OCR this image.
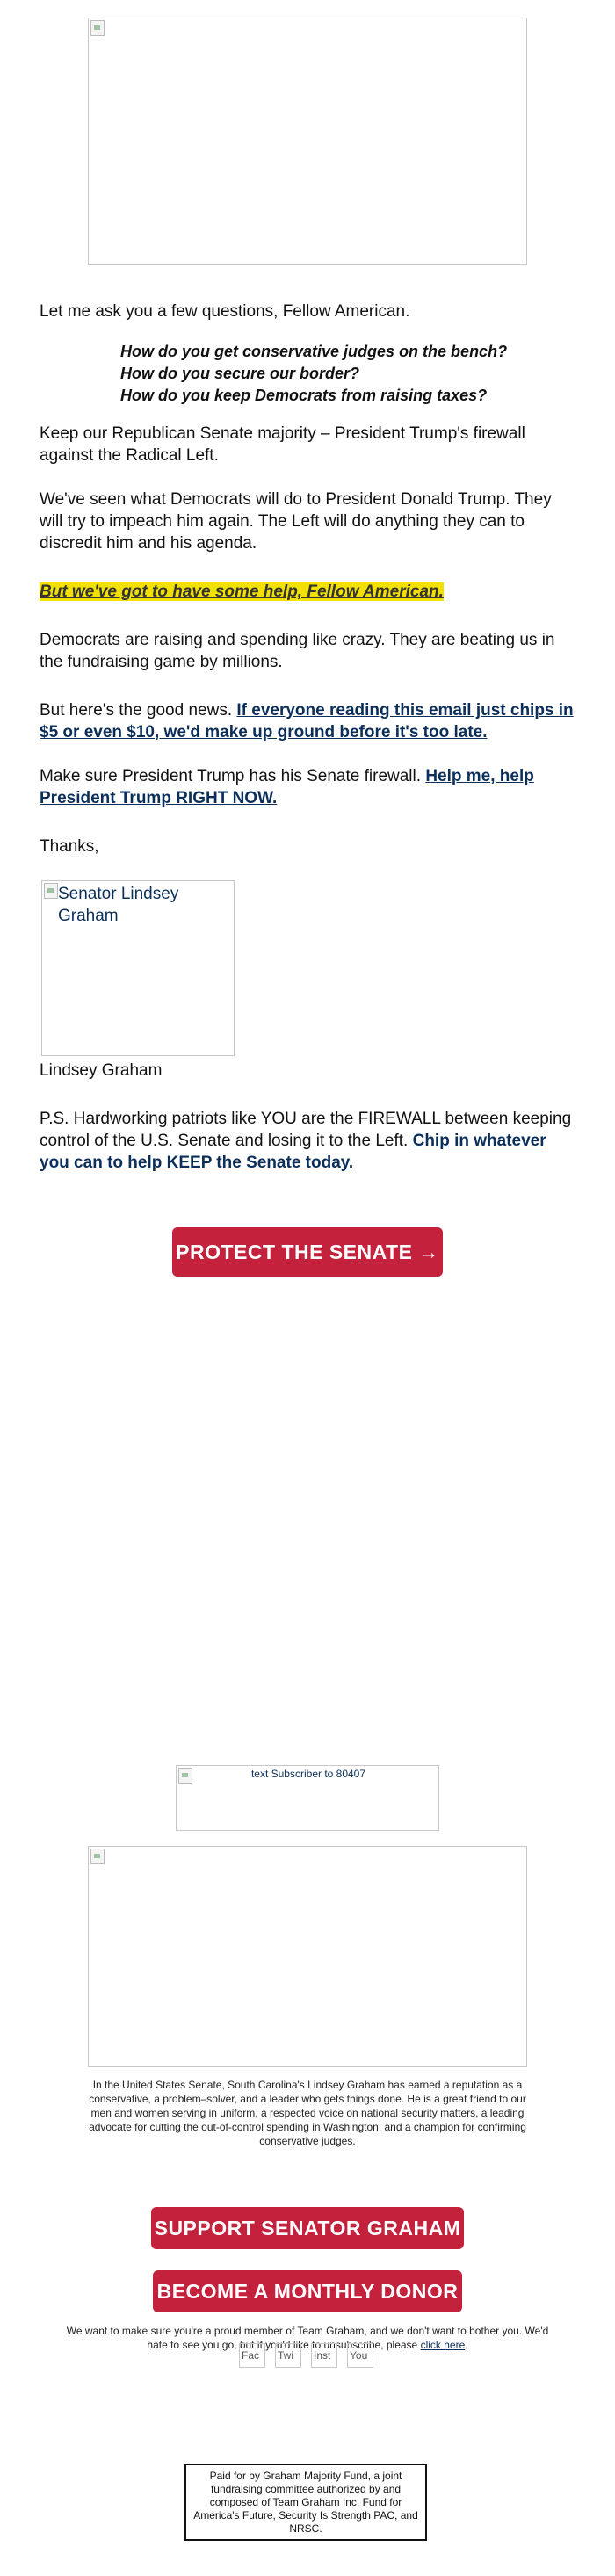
Let me ask you a few questions, Fellow American.
How do you get conservative judges on the bench?
How do you secure our border?
How do you keep Democrats from raising taxes?
Keep our Republican Senate majority – President Trump's firewall against the Radical Left.
We've seen what Democrats will do to President Donald Trump. They will try to impeach him again. The Left will do anything they can to discredit him and his agenda.
But we've got to have some help, Fellow American.
Democrats are raising and spending like crazy. They are beating us in the fundraising game by millions.
But here's the good news. If everyone reading this email just chips in $5 or even $10, we'd make up ground before it's too late.
Make sure President Trump has his Senate firewall. Help me, help President Trump RIGHT NOW.
Thanks,
Senator Lindsey Graham
Lindsey Graham
P.S. Hardworking patriots like YOU are the FIREWALL between keeping control of the U.S. Senate and losing it to the Left. Chip in whatever you can to help KEEP the Senate today.
PROTECT THE SENATE →
text Subscriber to 80407
In the United States Senate, South Carolina's Lindsey Graham has earned a reputation as a conservative, a problem–solver, and a leader who gets things done. He is a great friend to our men and women serving in uniform, a respected voice on national security matters, a leading advocate for cutting the out-of-control spending in Washington, and a champion for confirming conservative judges.
SUPPORT SENATOR GRAHAM
BECOME A MONTHLY DONOR
We want to make sure you're a proud member of Team Graham, and we don't want to bother you. We'd hate to see you go, but if you'd like to unsubscribe, please click here.
Fac	Twi	Inst	You
Paid for by Graham Majority Fund, a joint fundraising committee authorized by and composed of Team Graham Inc, Fund for America's Future, Security Is Strength PAC, and NRSC.
